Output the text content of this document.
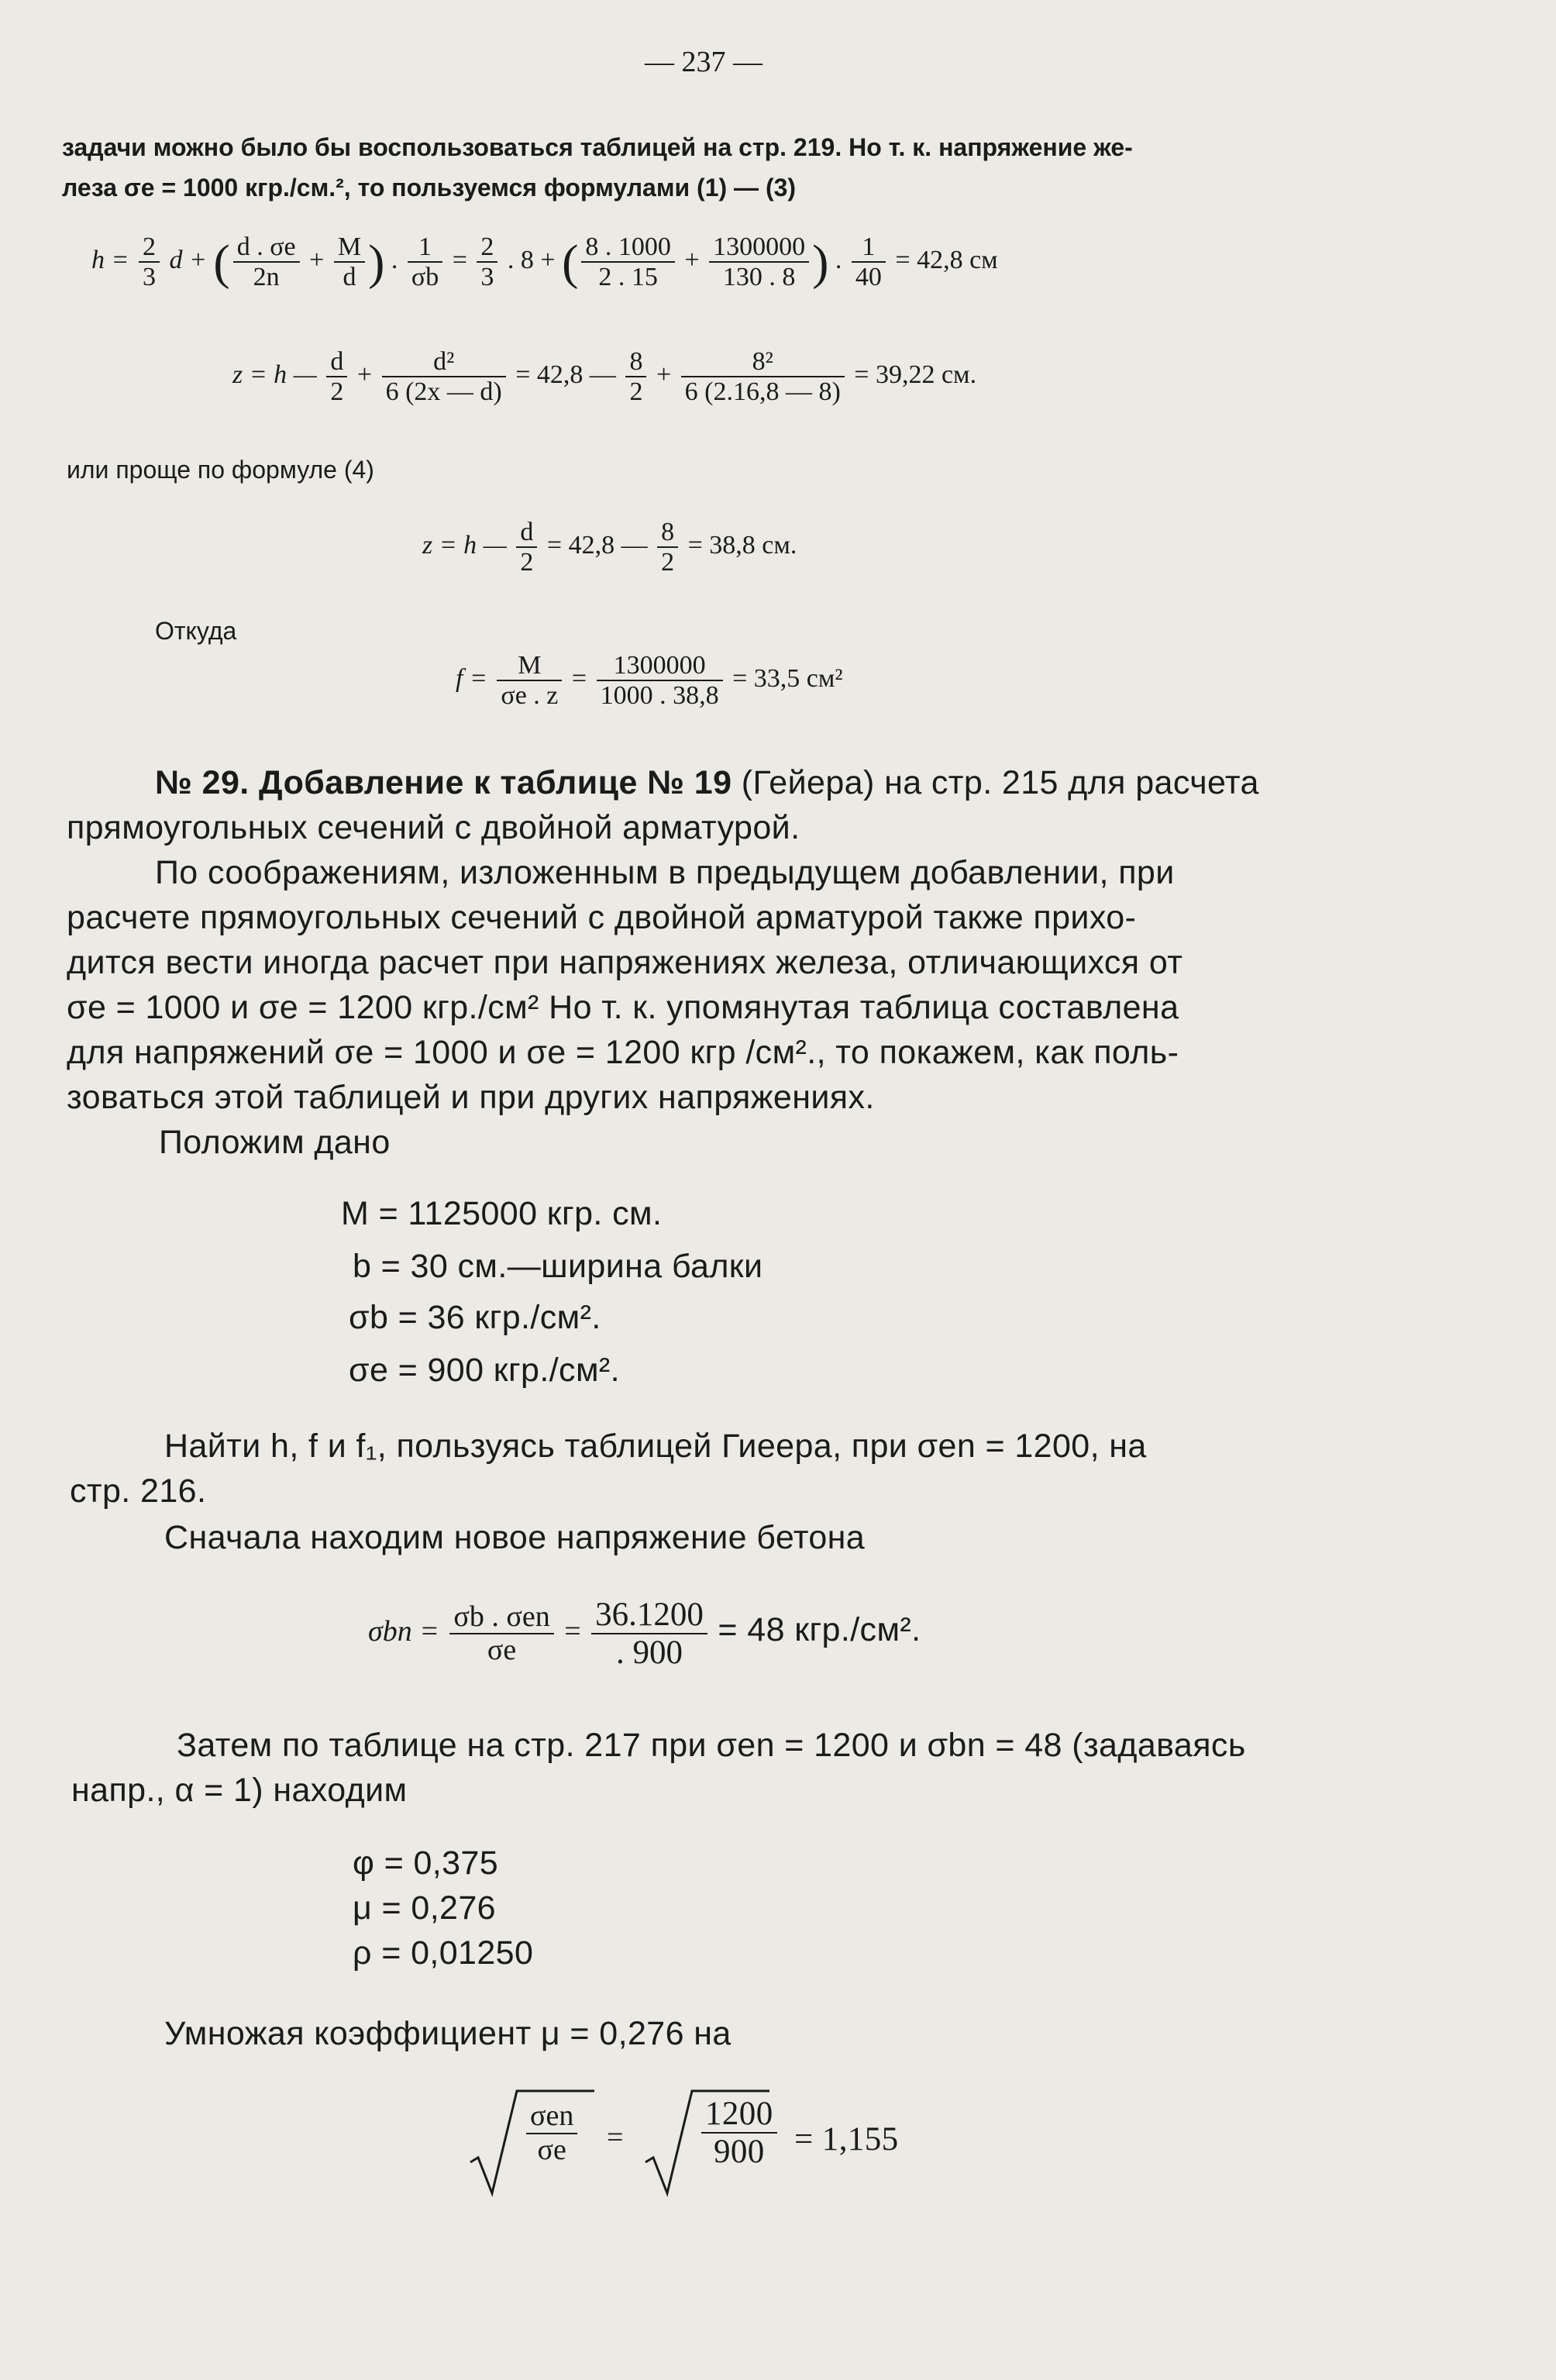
— 237 —
задачи можно было бы воспользоваться таблицей на стр. 219. Но т. к. напряжение же-
леза σe = 1000 кгр./см.², то пользуемся формулами (1) — (3)
$h = \frac{2}{3}$ d + ( $\frac{d . \sigma e}{2n} + \frac{M}{d}$ ) . $\frac{1}{\sigma b} = \frac{2}{3}$ . 8 + ( $\frac{8 . 1000}{2 . 15} + \frac{1300000}{130 . 8}$ ) . $\frac{1}{40} = 42,8$ см
z = h — $\frac{d}{2} + \frac{\text{d²}}{6 (2x — d)} = 42,8$ — $\frac{8}{2} + \frac{\text{8²}}{6 (2.16,8 — 8)} = 39,22$ см.
или проще по формуле (4)
z = h — $\frac{d}{2} = 42,8$ — $\frac{8}{2} = 38,8$ см.
Откуда
$f = \frac{M}{\sigma e . z} = \frac{1300000}{1000 . 38,8} = 33,5$ см²
№ 29. Добавление к таблице № 19 (Гейера) на стр. 215 для расчета
прямоугольных сечений с двойной арматурой.
По соображениям, изложенным в предыдущем добавлении, при
расчете прямоугольных сечений с двойной арматурой также прихо-
дится вести иногда расчет при напряжениях железа, отличающихся от
σe = 1000 и σe = 1200 кгр./см² Но т. к. упомянутая таблица составлена
для напряжений σe = 1000 и σe = 1200 кгр /см²., то покажем, как поль-
зоваться этой таблицей и при других напряжениях.
Положим дано
M = 1125000 кгр. см.
b = 30 см.—ширина балки
σb = 36 кгр./см².
σe = 900 кгр./см².
Найти h, f и f₁, пользуясь таблицей Гиеера, при σen = 1200, на
стр. 216.
Сначала находим новое напряжение бетона
$\sigma bn = \frac{\text{σb . σen}}{\sigma e} = \frac{36.1200}{. 900} = 48$ кгр./см².
Затем по таблице на стр. 217 при σen = 1200 и σbn = 48 (задаваясь
напр., α = 1) находим
φ = 0,375
μ = 0,276
ρ = 0,01250
Умножая коэффициент μ = 0,276 на
σen
σe	= $\frac{1200}{900} = 1,155$
